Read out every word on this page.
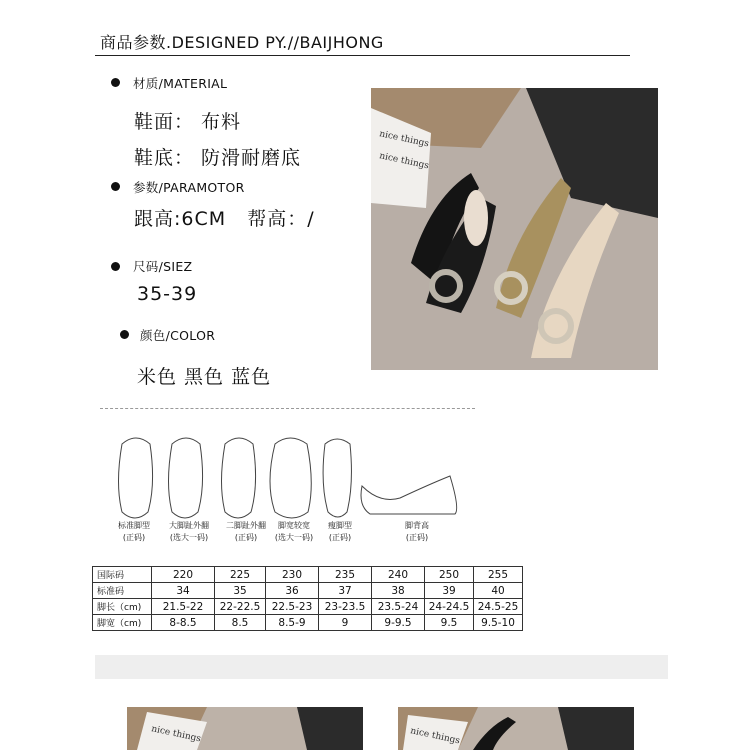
商品参数.DESIGNED PY.//BAIJHONG
材质/MATERIAL
鞋面： 布料
鞋底： 防滑耐磨底
参数/PARAMOTOR
跟高:6CM   帮高：/
尺码/SIEZ
35-39
颜色/COLOR
米色 黑色 蓝色
nice things
nice things
标准脚型
(正码)
大脚趾外翻
(选大一码)
二脚趾外翻
(正码)
脚宽较宽
(选大一码)
瘦脚型
(正码)
脚背高
(正码)
国际码	220	225	230	235	240	250	255
标准码	34	35	36	37	38	39	40
脚长（cm)	21.5-22	22-22.5	22.5-23	23-23.5	23.5-24	24-24.5	24.5-25
脚宽（cm)	8-8.5	8.5	8.5-9	9	9-9.5	9.5	9.5-10
nice things	nice things
